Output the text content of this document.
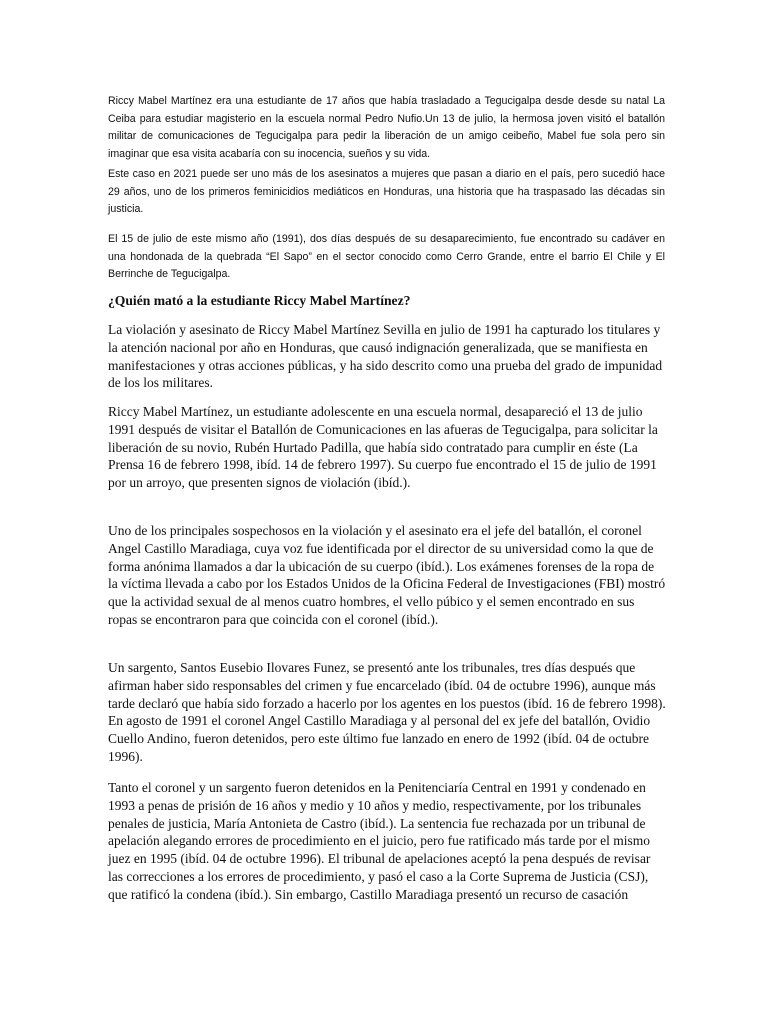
Riccy Mabel Martínez era una estudiante de 17 años que había trasladado a Tegucigalpa desde desde su natal La Ceiba para estudiar magisterio en la escuela normal Pedro Nufio.Un 13 de julio, la hermosa joven visitó el batallón militar de comunicaciones de Tegucigalpa para pedir la liberación de un amigo ceibeño, Mabel fue sola pero sin imaginar que esa visita acabaría con su inocencia, sueños y su vida.

Este caso en 2021 puede ser uno más de los asesinatos a mujeres que pasan a diario en el país, pero sucedió hace 29 años, uno de los primeros feminicidios mediáticos en Honduras, una historia que ha traspasado las décadas sin justicia.

El 15 de julio de este mismo año (1991), dos días después de su desaparecimiento, fue encontrado su cadáver en una hondonada de la quebrada “El Sapo” en el sector conocido como Cerro Grande, entre el barrio El Chile y El Berrinche de Tegucigalpa.

¿Quién mató a la estudiante Riccy Mabel Martínez?

La violación y asesinato de Riccy Mabel Martínez Sevilla en julio de 1991 ha capturado los titulares y la atención nacional por año en Honduras, que causó indignación generalizada, que se manifiesta en manifestaciones y otras acciones públicas, y ha sido descrito como una prueba del grado de impunidad de los los militares.

Riccy Mabel Martínez, un estudiante adolescente en una escuela normal, desapareció el 13 de julio 1991 después de visitar el Batallón de Comunicaciones en las afueras de Tegucigalpa, para solicitar la liberación de su novio, Rubén Hurtado Padilla, que había sido contratado para cumplir en éste (La Prensa 16 de febrero 1998, ibíd. 14 de febrero 1997). Su cuerpo fue encontrado el 15 de julio de 1991 por un arroyo, que presenten signos de violación (ibíd.).

Uno de los principales sospechosos en la violación y el asesinato era el jefe del batallón, el coronel Angel Castillo Maradiaga, cuya voz fue identificada por el director de su universidad como la que de forma anónima llamados a dar la ubicación de su cuerpo (ibíd.). Los exámenes forenses de la ropa de la víctima llevada a cabo por los Estados Unidos de la Oficina Federal de Investigaciones (FBI) mostró que la actividad sexual de al menos cuatro hombres, el vello púbico y el semen encontrado en sus ropas se encontraron para que coincida con el coronel (ibíd.).

Un sargento, Santos Eusebio Ilovares Funez, se presentó ante los tribunales, tres días después que afirman haber sido responsables del crimen y fue encarcelado (ibíd. 04 de octubre 1996), aunque más tarde declaró que había sido forzado a hacerlo por los agentes en los puestos (ibíd. 16 de febrero 1998). En agosto de 1991 el coronel Angel Castillo Maradiaga y al personal del ex jefe del batallón, Ovidio Cuello Andino, fueron detenidos, pero este último fue lanzado en enero de 1992 (ibíd. 04 de octubre 1996).

Tanto el coronel y un sargento fueron detenidos en la Penitenciaría Central en 1991 y condenado en 1993 a penas de prisión de 16 años y medio y 10 años y medio, respectivamente, por los tribunales penales de justicia, María Antonieta de Castro (ibíd.). La sentencia fue rechazada por un tribunal de apelación alegando errores de procedimiento en el juicio, pero fue ratificado más tarde por el mismo juez en 1995 (ibíd. 04 de octubre 1996). El tribunal de apelaciones aceptó la pena después de revisar las correcciones a los errores de procedimiento, y pasó el caso a la Corte Suprema de Justicia (CSJ), que ratificó la condena (ibíd.). Sin embargo, Castillo Maradiaga presentó un recurso de casación
